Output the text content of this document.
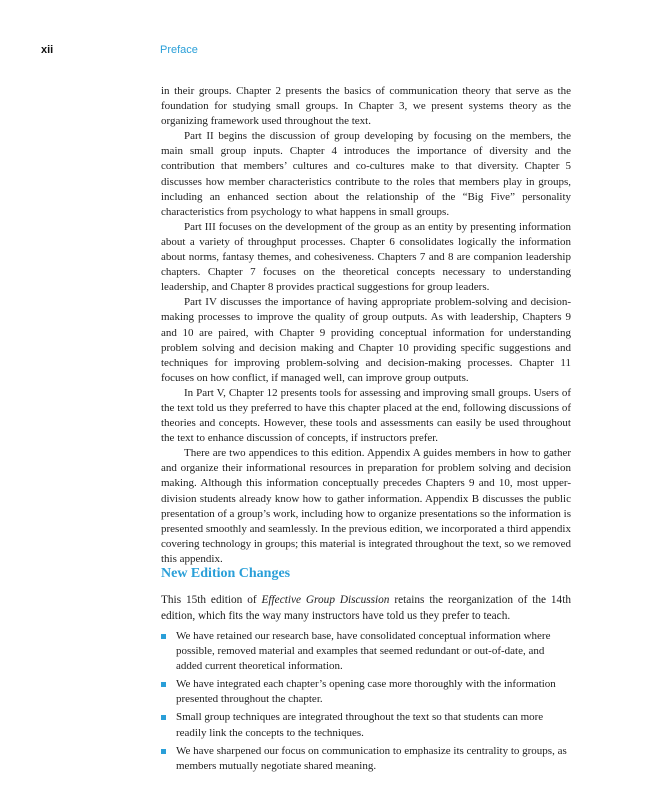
xii	Preface

in their groups. Chapter 2 presents the basics of communication theory that serve as the foundation for studying small groups. In Chapter 3, we present systems theory as the organizing framework used throughout the text.

Part II begins the discussion of group developing by focusing on the members, the main small group inputs. Chapter 4 introduces the importance of diversity and the contribution that members’ cultures and co-cultures make to that diversity. Chapter 5 discusses how member characteristics contribute to the roles that members play in groups, including an enhanced section about the relationship of the “Big Five” personality characteristics from psychology to what happens in small groups.

Part III focuses on the development of the group as an entity by presenting information about a variety of throughput processes. Chapter 6 consolidates logically the information about norms, fantasy themes, and cohesiveness. Chapters 7 and 8 are companion leadership chapters. Chapter 7 focuses on the theoretical concepts necessary to understanding leadership, and Chapter 8 provides practical suggestions for group leaders.

Part IV discusses the importance of having appropriate problem-solving and decision-making processes to improve the quality of group outputs. As with leadership, Chapters 9 and 10 are paired, with Chapter 9 providing conceptual information for understanding problem solving and decision making and Chapter 10 providing specific suggestions and techniques for improving problem-solving and decision-making processes. Chapter 11 focuses on how conflict, if managed well, can improve group outputs.

In Part V, Chapter 12 presents tools for assessing and improving small groups. Users of the text told us they preferred to have this chapter placed at the end, following discussions of theories and concepts. However, these tools and assessments can easily be used throughout the text to enhance discussion of concepts, if instructors prefer.

There are two appendices to this edition. Appendix A guides members in how to gather and organize their informational resources in preparation for problem solving and decision making. Although this information conceptually precedes Chapters 9 and 10, most upper-division students already know how to gather information. Appendix B discusses the public presentation of a group’s work, including how to organize presentations so the information is presented smoothly and seamlessly. In the previous edition, we incorporated a third appendix covering technology in groups; this material is integrated throughout the text, so we removed this appendix.

New Edition Changes

This 15th edition of Effective Group Discussion retains the reorganization of the 14th edition, which fits the way many instructors have told us they prefer to teach.

We have retained our research base, have consolidated conceptual information where possible, removed material and examples that seemed redundant or out-of-date, and added current theoretical information.
We have integrated each chapter’s opening case more thoroughly with the information presented throughout the chapter.
Small group techniques are integrated throughout the text so that students can more readily link the concepts to the techniques.
We have sharpened our focus on communication to emphasize its centrality to groups, as members mutually negotiate shared meaning.
